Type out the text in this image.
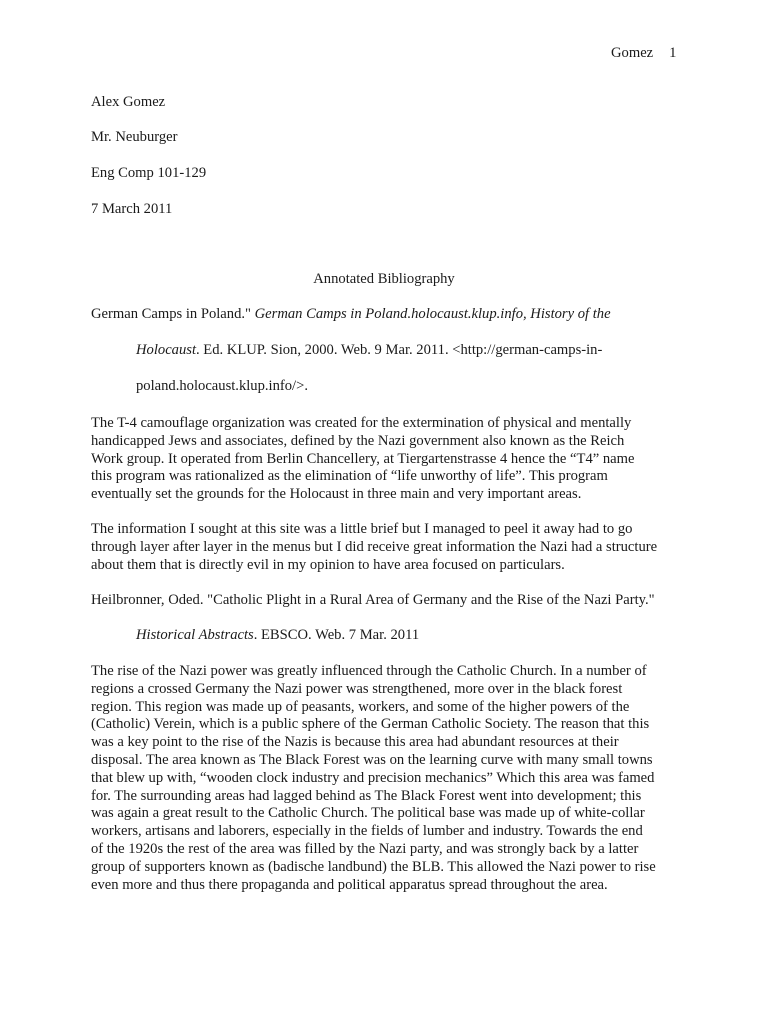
Gomez 1
Alex Gomez
Mr. Neuburger
Eng Comp 101-129
7 March 2011
Annotated Bibliography
German Camps in Poland." German Camps in Poland.holocaust.klup.info, History of the
Holocaust. Ed. KLUP. Sion, 2000. Web. 9 Mar. 2011. <http://german-camps-in-
poland.holocaust.klup.info/>.
The T-4 camouflage organization was created for the extermination of physical and mentally
handicapped Jews and associates, defined by the Nazi government also known as the Reich
Work group. It operated from Berlin Chancellery, at Tiergartenstrasse 4 hence the “T4” name
this program was rationalized as the elimination of “life unworthy of life”. This program
eventually set the grounds for the Holocaust in three main and very important areas.
The information I sought at this site was a little brief but I managed to peel it away had to go
through layer after layer in the menus but I did receive great information the Nazi had a structure
about them that is directly evil in my opinion to have area focused on particulars.
Heilbronner, Oded. "Catholic Plight in a Rural Area of Germany and the Rise of the Nazi Party."
Historical Abstracts. EBSCO. Web. 7 Mar. 2011
The rise of the Nazi power was greatly influenced through the Catholic Church. In a number of
regions a crossed Germany the Nazi power was strengthened, more over in the black forest
region. This region was made up of peasants, workers, and some of the higher powers of the
(Catholic) Verein, which is a public sphere of the German Catholic Society. The reason that this
was a key point to the rise of the Nazis is because this area had abundant resources at their
disposal. The area known as The Black Forest was on the learning curve with many small towns
that blew up with, “wooden clock industry and precision mechanics” Which this area was famed
for. The surrounding areas had lagged behind as The Black Forest went into development; this
was again a great result to the Catholic Church. The political base was made up of white-collar
workers, artisans and laborers, especially in the fields of lumber and industry. Towards the end
of the 1920s the rest of the area was filled by the Nazi party, and was strongly back by a latter
group of supporters known as (badische landbund) the BLB. This allowed the Nazi power to rise
even more and thus there propaganda and political apparatus spread throughout the area.
